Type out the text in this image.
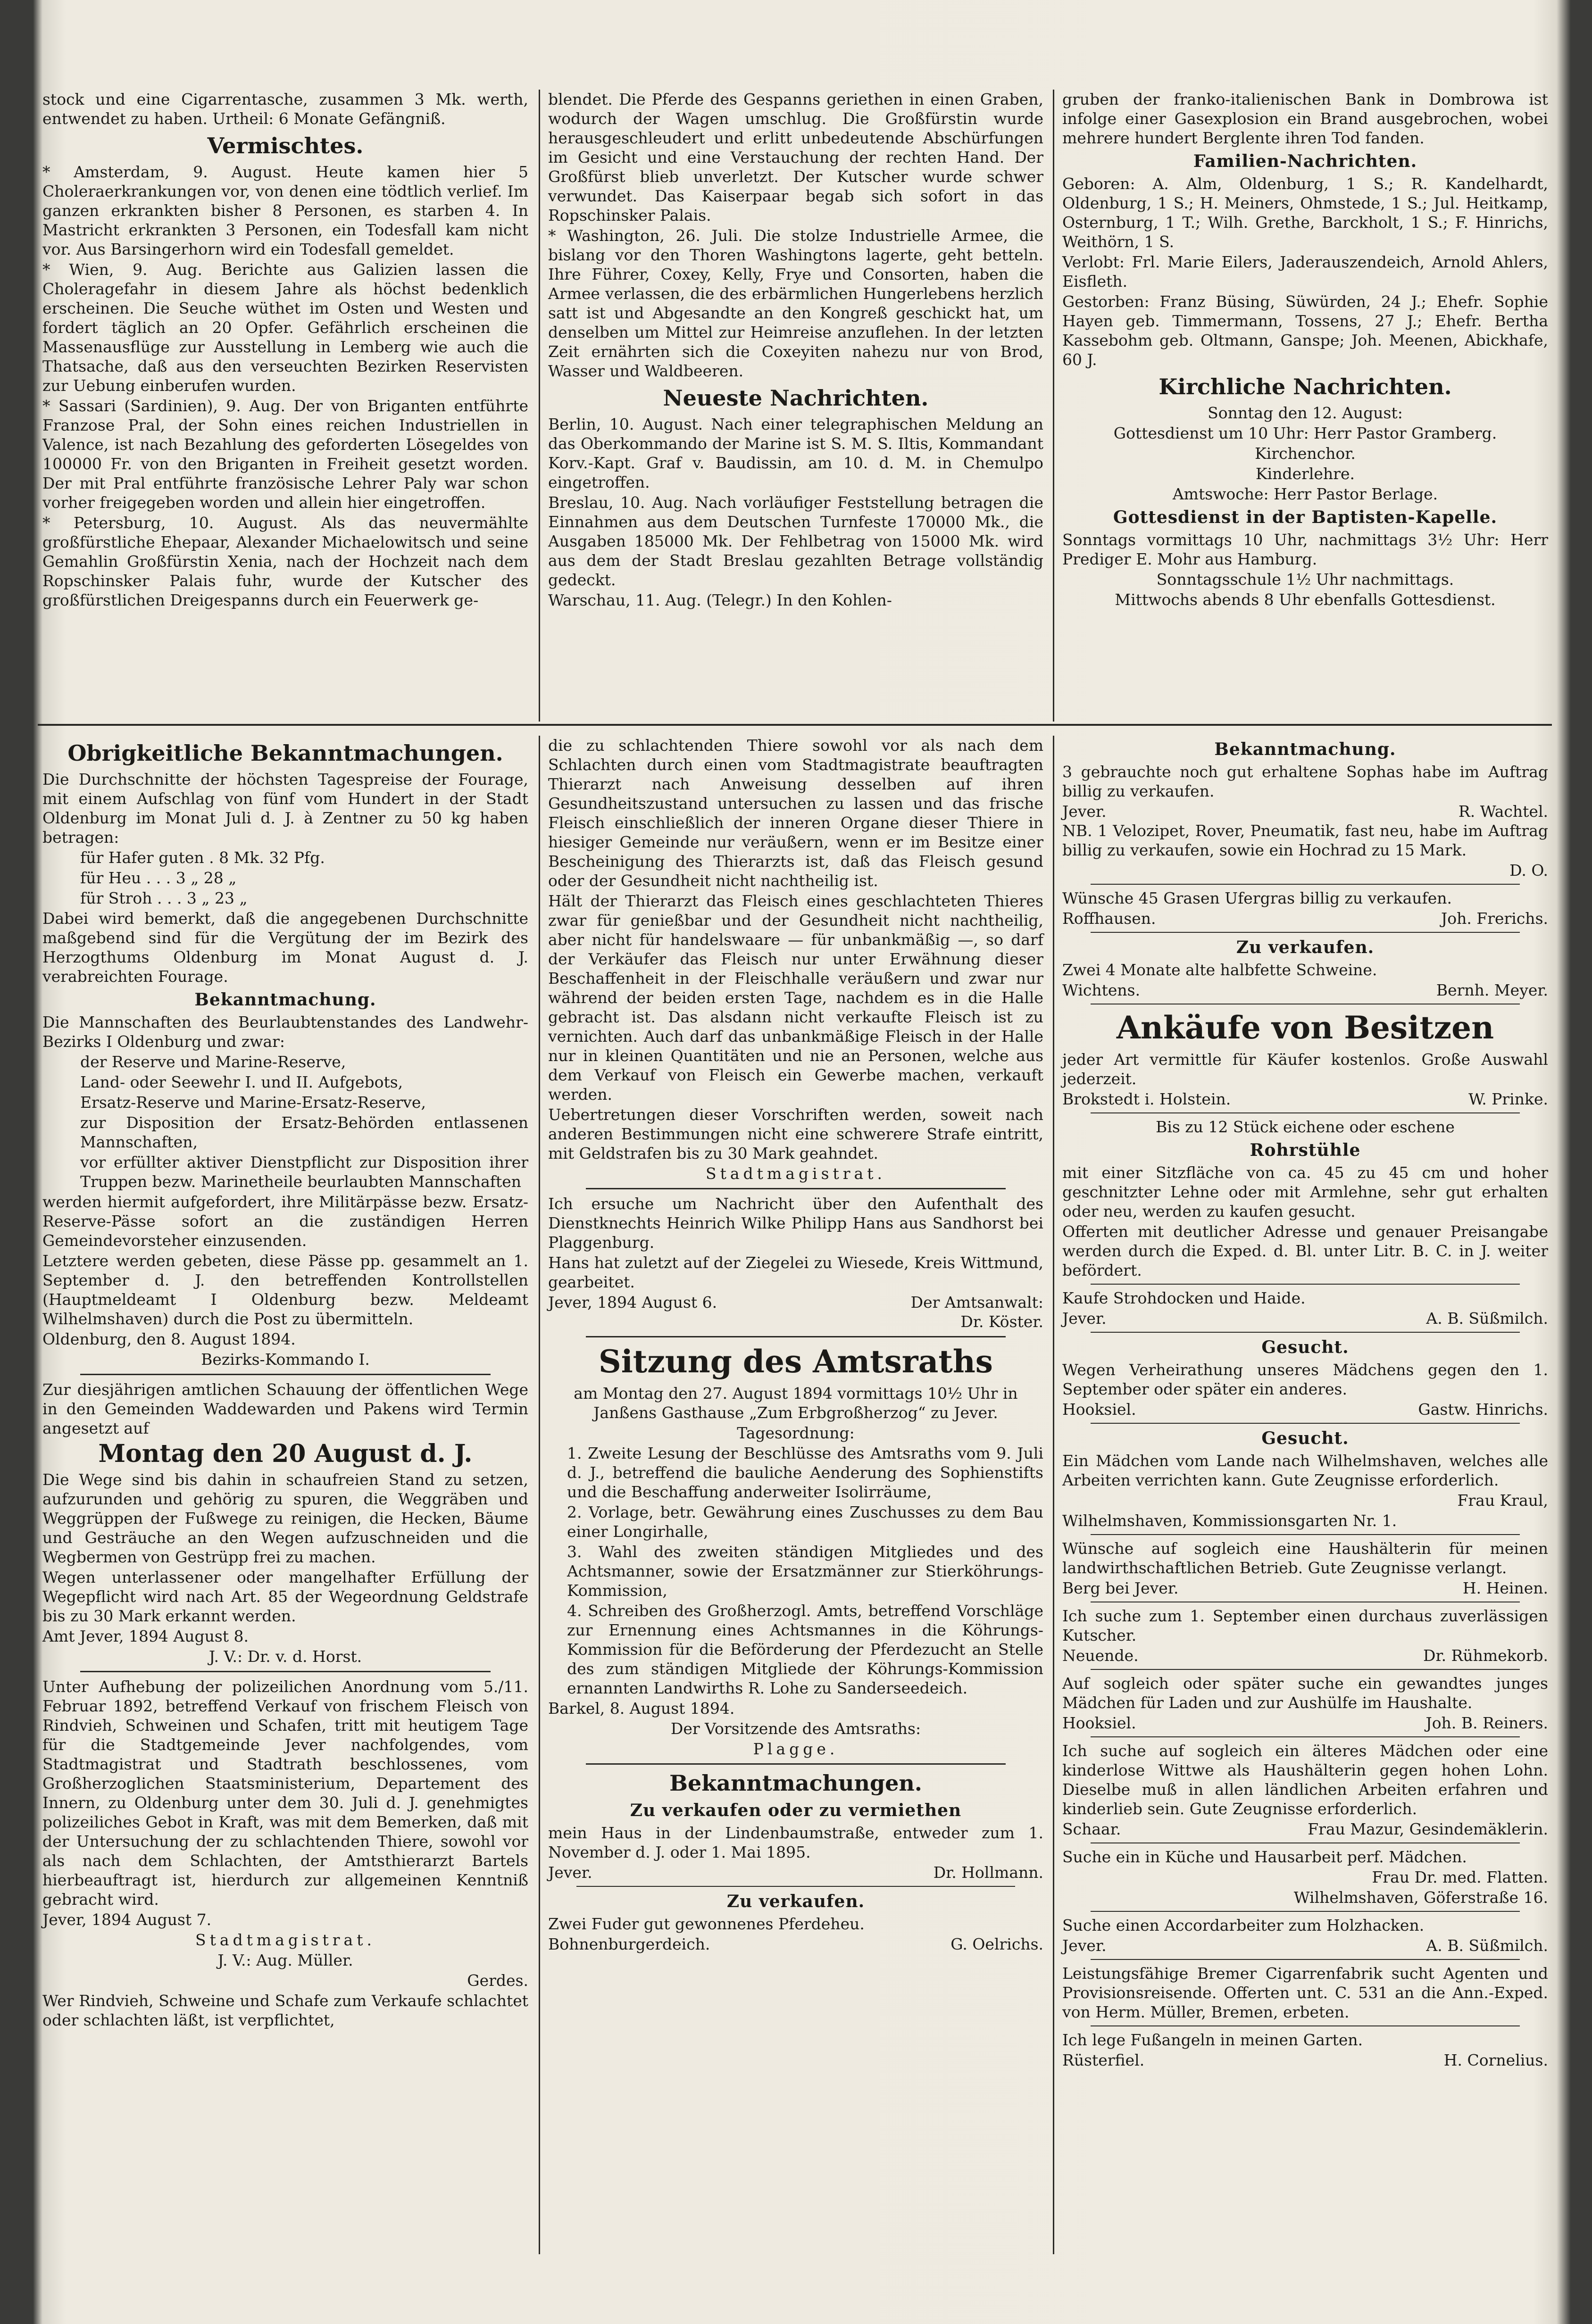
stock und eine Cigarrentasche, zusammen 3 Mk. werth, entwendet zu haben. Urtheil: 6 Monate Gefängniß.

Vermischtes.

* Amsterdam, 9. August. Heute kamen hier 5 Choleraerkrankungen vor, von denen eine tödtlich verlief. Im ganzen erkrankten bisher 8 Personen, es starben 4. In Mastricht erkrankten 3 Personen, ein Todesfall kam nicht vor. Aus Barsingerhorn wird ein Todesfall gemeldet.

* Wien, 9. Aug. Berichte aus Galizien lassen die Choleragefahr in diesem Jahre als höchst bedenklich erscheinen. Die Seuche wüthet im Osten und Westen und fordert täglich an 20 Opfer. Gefährlich erscheinen die Massenausflüge zur Ausstellung in Lemberg wie auch die Thatsache, daß aus den verseuchten Bezirken Reservisten zur Uebung einberufen wurden.

* Sassari (Sardinien), 9. Aug. Der von Briganten entführte Franzose Pral, der Sohn eines reichen Industriellen in Valence, ist nach Bezahlung des geforderten Lösegeldes von 100000 Fr. von den Briganten in Freiheit gesetzt worden. Der mit Pral entführte französische Lehrer Paly war schon vorher freigegeben worden und allein hier eingetroffen.

* Petersburg, 10. August. Als das neuvermählte großfürstliche Ehepaar, Alexander Michaelowitsch und seine Gemahlin Großfürstin Xenia, nach der Hochzeit nach dem Ropschinsker Palais fuhr, wurde der Kutscher des großfürstlichen Dreigespanns durch ein Feuerwerk ge-

blendet. Die Pferde des Gespanns geriethen in einen Graben, wodurch der Wagen umschlug. Die Großfürstin wurde herausgeschleudert und erlitt unbedeutende Abschürfungen im Gesicht und eine Verstauchung der rechten Hand. Der Großfürst blieb unverletzt. Der Kutscher wurde schwer verwundet. Das Kaiserpaar begab sich sofort in das Ropschinsker Palais.

* Washington, 26. Juli. Die stolze Industrielle Armee, die bislang vor den Thoren Washingtons lagerte, geht betteln. Ihre Führer, Coxey, Kelly, Frye und Consorten, haben die Armee verlassen, die des erbärmlichen Hungerlebens herzlich satt ist und Abgesandte an den Kongreß geschickt hat, um denselben um Mittel zur Heimreise anzuflehen. In der letzten Zeit ernährten sich die Coxeyiten nahezu nur von Brod, Wasser und Waldbeeren.

Neueste Nachrichten.

Berlin, 10. August. Nach einer telegraphischen Meldung an das Oberkommando der Marine ist S. M. S. Iltis, Kommandant Korv.-Kapt. Graf v. Baudissin, am 10. d. M. in Chemulpo eingetroffen.

Breslau, 10. Aug. Nach vorläufiger Feststellung betragen die Einnahmen aus dem Deutschen Turnfeste 170000 Mk., die Ausgaben 185000 Mk. Der Fehlbetrag von 15000 Mk. wird aus dem der Stadt Breslau gezahlten Betrage vollständig gedeckt.

Warschau, 11. Aug. (Telegr.) In den Kohlen-

gruben der franko-italienischen Bank in Dombrowa ist infolge einer Gasexplosion ein Brand ausgebrochen, wobei mehrere hundert Berglente ihren Tod fanden.

Familien-Nachrichten.

Geboren: A. Alm, Oldenburg, 1 S.; R. Kandelhardt, Oldenburg, 1 S.; H. Meiners, Ohmstede, 1 S.; Jul. Heitkamp, Osternburg, 1 T.; Wilh. Grethe, Barckholt, 1 S.; F. Hinrichs, Weithörn, 1 S.

Verlobt: Frl. Marie Eilers, Jaderauszendeich, Arnold Ahlers, Eisfleth.

Gestorben: Franz Büsing, Süwürden, 24 J.; Ehefr. Sophie Hayen geb. Timmermann, Tossens, 27 J.; Ehefr. Bertha Kassebohm geb. Oltmann, Ganspe; Joh. Meenen, Abickhafe, 60 J.

Kirchliche Nachrichten.

Sonntag den 12. August:

Gottesdienst um 10 Uhr: Herr Pastor Gramberg.

Kirchenchor.

Kinderlehre.

Amtswoche: Herr Pastor Berlage.

Gottesdienst in der Baptisten-Kapelle.

Sonntags vormittags 10 Uhr, nachmittags 3½ Uhr: Herr Prediger E. Mohr aus Hamburg.

Sonntagsschule 1½ Uhr nachmittags.

Mittwochs abends 8 Uhr ebenfalls Gottesdienst.

Obrigkeitliche Bekanntmachungen.

Die Durchschnitte der höchsten Tagespreise der Fourage, mit einem Aufschlag von fünf vom Hundert in der Stadt Oldenburg im Monat Juli d. J. à Zentner zu 50 kg haben betragen:

für Hafer guten . 8 Mk. 32 Pfg.

für Heu . . . 3 „ 28 „

für Stroh . . . 3 „ 23 „

Dabei wird bemerkt, daß die angegebenen Durchschnitte maßgebend sind für die Vergütung der im Bezirk des Herzogthums Oldenburg im Monat August d. J. verabreichten Fourage.

Bekanntmachung.

Die Mannschaften des Beurlaubtenstandes des Landwehr-Bezirks I Oldenburg und zwar:

der Reserve und Marine-Reserve,

Land- oder Seewehr I. und II. Aufgebots,

Ersatz-Reserve und Marine-Ersatz-Reserve,

zur Disposition der Ersatz-Behörden entlassenen Mannschaften,

vor erfüllter aktiver Dienstpflicht zur Disposition ihrer Truppen bezw. Marinetheile beurlaubten Mannschaften

werden hiermit aufgefordert, ihre Militärpässe bezw. Ersatz-Reserve-Pässe sofort an die zuständigen Herren Gemeindevorsteher einzusenden.

Letztere werden gebeten, diese Pässe pp. gesammelt an 1. September d. J. den betreffenden Kontrollstellen (Hauptmeldeamt I Oldenburg bezw. Meldeamt Wilhelmshaven) durch die Post zu übermitteln.

Oldenburg, den 8. August 1894.

Bezirks-Kommando I.

Zur diesjährigen amtlichen Schauung der öffentlichen Wege in den Gemeinden Waddewarden und Pakens wird Termin angesetzt auf

Montag den 20 August d. J.

Die Wege sind bis dahin in schaufreien Stand zu setzen, aufzurunden und gehörig zu spuren, die Weggräben und Weggrüppen der Fußwege zu reinigen, die Hecken, Bäume und Gesträuche an den Wegen aufzuschneiden und die Wegbermen von Gestrüpp frei zu machen.

Wegen unterlassener oder mangelhafter Erfüllung der Wegepflicht wird nach Art. 85 der Wegeordnung Geldstrafe bis zu 30 Mark erkannt werden.

Amt Jever, 1894 August 8.

J. V.: Dr. v. d. Horst.

Unter Aufhebung der polizeilichen Anordnung vom 5./11. Februar 1892, betreffend Verkauf von frischem Fleisch von Rindvieh, Schweinen und Schafen, tritt mit heutigem Tage für die Stadtgemeinde Jever nachfolgendes, vom Stadtmagistrat und Stadtrath beschlossenes, vom Großherzoglichen Staatsministerium, Departement des Innern, zu Oldenburg unter dem 30. Juli d. J. genehmigtes polizeiliches Gebot in Kraft, was mit dem Bemerken, daß mit der Untersuchung der zu schlachtenden Thiere, sowohl vor als nach dem Schlachten, der Amtsthierarzt Bartels hierbeauftragt ist, hierdurch zur allgemeinen Kenntniß gebracht wird.

Jever, 1894 August 7.

Stadtmagistrat.

J. V.: Aug. Müller.

Gerdes.

Wer Rindvieh, Schweine und Schafe zum Verkaufe schlachtet oder schlachten läßt, ist verpflichtet,

die zu schlachtenden Thiere sowohl vor als nach dem Schlachten durch einen vom Stadtmagistrate beauftragten Thierarzt nach Anweisung desselben auf ihren Gesundheitszustand untersuchen zu lassen und das frische Fleisch einschließlich der inneren Organe dieser Thiere in hiesiger Gemeinde nur veräußern, wenn er im Besitze einer Bescheinigung des Thierarzts ist, daß das Fleisch gesund oder der Gesundheit nicht nachtheilig ist.

Hält der Thierarzt das Fleisch eines geschlachteten Thieres zwar für genießbar und der Gesundheit nicht nachtheilig, aber nicht für handelswaare — für unbankmäßig —, so darf der Verkäufer das Fleisch nur unter Erwähnung dieser Beschaffenheit in der Fleischhalle veräußern und zwar nur während der beiden ersten Tage, nachdem es in die Halle gebracht ist. Das alsdann nicht verkaufte Fleisch ist zu vernichten. Auch darf das unbankmäßige Fleisch in der Halle nur in kleinen Quantitäten und nie an Personen, welche aus dem Verkauf von Fleisch ein Gewerbe machen, verkauft werden.

Uebertretungen dieser Vorschriften werden, soweit nach anderen Bestimmungen nicht eine schwerere Strafe eintritt, mit Geldstrafen bis zu 30 Mark geahndet.

Stadtmagistrat.

Ich ersuche um Nachricht über den Aufenthalt des Dienstknechts Heinrich Wilke Philipp Hans aus Sandhorst bei Plaggenburg.

Hans hat zuletzt auf der Ziegelei zu Wiesede, Kreis Wittmund, gearbeitet.

Jever, 1894 August 6.	Der Amtsanwalt:

Dr. Köster.

Sitzung des Amtsraths

am Montag den 27. August 1894 vormittags 10½ Uhr in Janßens Gasthause „Zum Erbgroßherzog“ zu Jever.

Tagesordnung:

1. Zweite Lesung der Beschlüsse des Amtsraths vom 9. Juli d. J., betreffend die bauliche Aenderung des Sophienstifts und die Beschaffung anderweiter Isolirräume,

2. Vorlage, betr. Gewährung eines Zuschusses zu dem Bau einer Longirhalle,

3. Wahl des zweiten ständigen Mitgliedes und des Achtsmanner, sowie der Ersatzmänner zur Stierköhrungs-Kommission,

4. Schreiben des Großherzogl. Amts, betreffend Vorschläge zur Ernennung eines Achtsmannes in die Köhrungs-Kommission für die Beförderung der Pferdezucht an Stelle des zum ständigen Mitgliede der Köhrungs-Kommission ernannten Landwirths R. Lohe zu Sanderseedeich.

Barkel, 8. August 1894.

Der Vorsitzende des Amtsraths:

Plagge.

Bekanntmachungen.

Zu verkaufen oder zu vermiethen

mein Haus in der Lindenbaumstraße, entweder zum 1. November d. J. oder 1. Mai 1895.

Jever.	Dr. Hollmann.

Zu verkaufen.

Zwei Fuder gut gewonnenes Pferdeheu.

Bohnenburgerdeich.	G. Oelrichs.

Bekanntmachung.

3 gebrauchte noch gut erhaltene Sophas habe im Auftrag billig zu verkaufen.

Jever.	R. Wachtel.

NB. 1 Velozipet, Rover, Pneumatik, fast neu, habe im Auftrag billig zu verkaufen, sowie ein Hochrad zu 15 Mark.

D. O.

Wünsche 45 Grasen Ufergras billig zu verkaufen.

Roffhausen.	Joh. Frerichs.

Zu verkaufen.

Zwei 4 Monate alte halbfette Schweine.

Wichtens.	Bernh. Meyer.

Ankäufe von Besitzen

jeder Art vermittle für Käufer kostenlos. Große Auswahl jederzeit.

Brokstedt i. Holstein.	W. Prinke.

Bis zu 12 Stück eichene oder eschene

Rohrstühle

mit einer Sitzfläche von ca. 45 zu 45 cm und hoher geschnitzter Lehne oder mit Armlehne, sehr gut erhalten oder neu, werden zu kaufen gesucht.

Offerten mit deutlicher Adresse und genauer Preisangabe werden durch die Exped. d. Bl. unter Litr. B. C. in J. weiter befördert.

Kaufe Strohdocken und Haide.

Jever.	A. B. Süßmilch.

Gesucht.

Wegen Verheirathung unseres Mädchens gegen den 1. September oder später ein anderes.

Hooksiel.	Gastw. Hinrichs.

Gesucht.

Ein Mädchen vom Lande nach Wilhelmshaven, welches alle Arbeiten verrichten kann. Gute Zeugnisse erforderlich.

Frau Kraul,

Wilhelmshaven, Kommissionsgarten Nr. 1.

Wünsche auf sogleich eine Haushälterin für meinen landwirthschaftlichen Betrieb. Gute Zeugnisse verlangt.

Berg bei Jever.	H. Heinen.

Ich suche zum 1. September einen durchaus zuverlässigen Kutscher.

Neuende.	Dr. Rühmekorb.

Auf sogleich oder später suche ein gewandtes junges Mädchen für Laden und zur Aushülfe im Haushalte.

Hooksiel.	Joh. B. Reiners.

Ich suche auf sogleich ein älteres Mädchen oder eine kinderlose Wittwe als Haushälterin gegen hohen Lohn. Dieselbe muß in allen ländlichen Arbeiten erfahren und kinderlieb sein. Gute Zeugnisse erforderlich.

Schaar.	Frau Mazur, Gesindemäklerin.

Suche ein in Küche und Hausarbeit perf. Mädchen.

Frau Dr. med. Flatten.

Wilhelmshaven, Göferstraße 16.

Suche einen Accordarbeiter zum Holzhacken.

Jever.	A. B. Süßmilch.

Leistungsfähige Bremer Cigarrenfabrik sucht Agenten und Provisionsreisende. Offerten unt. C. 531 an die Ann.-Exped. von Herm. Müller, Bremen, erbeten.

Ich lege Fußangeln in meinen Garten.

Rüsterfiel.	H. Cornelius.
